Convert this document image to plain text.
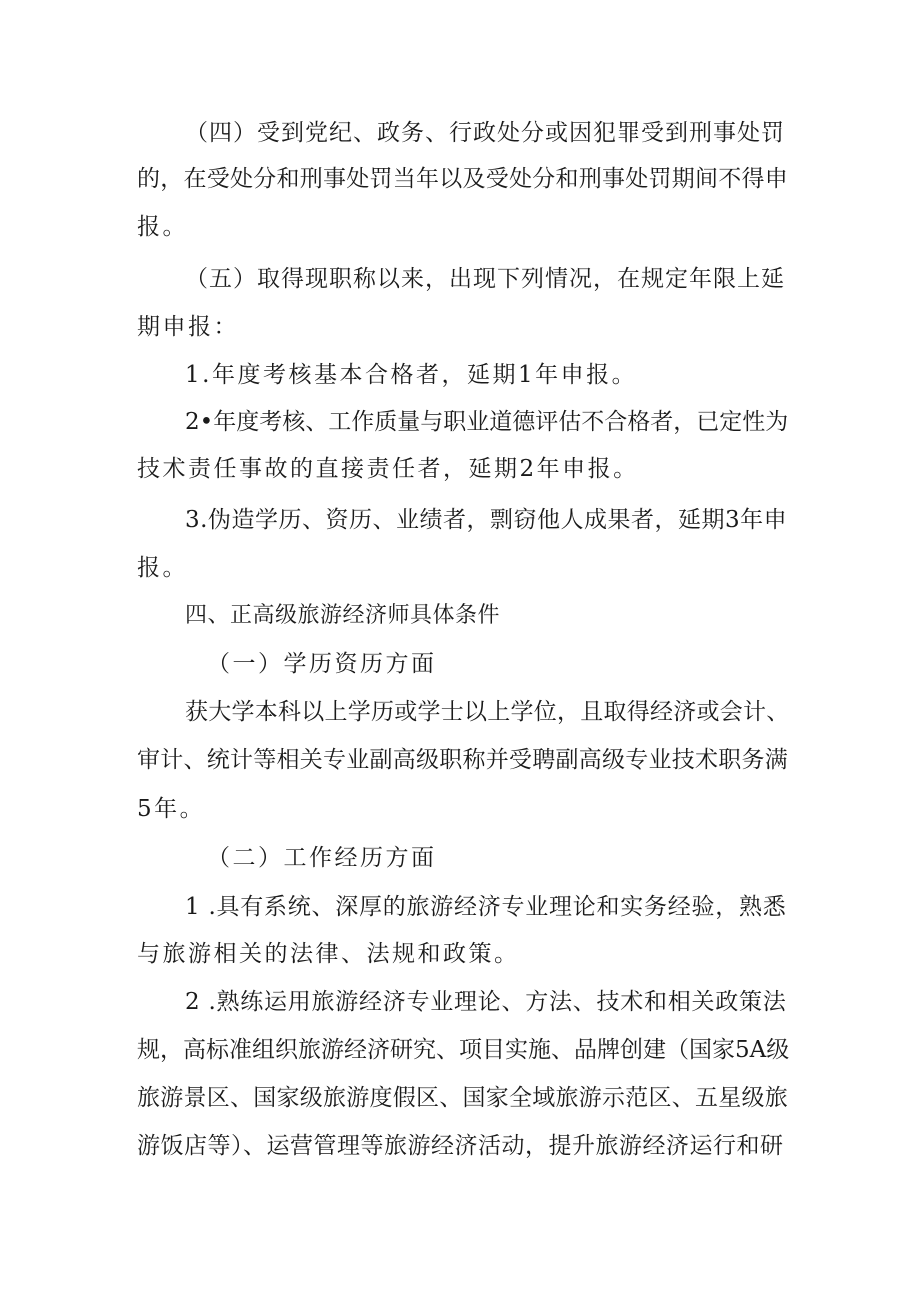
（四）受到党纪、政务、行政处分或因犯罪受到刑事处罚
的，在受处分和刑事处罚当年以及受处分和刑事处罚期间不得申
报。
（五）取得现职称以来，出现下列情况，在规定年限上延
期申报：
1.年度考核基本合格者，延期1年申报。
2•年度考核、工作质量与职业道德评估不合格者，已定性为
技术责任事故的直接责任者，延期2年申报。
3.伪造学历、资历、业绩者，剽窃他人成果者，延期3年申
报。
四、正高级旅游经济师具体条件
（一）学历资历方面
获大学本科以上学历或学士以上学位，且取得经济或会计、
审计、统计等相关专业副高级职称并受聘副高级专业技术职务满
5年。
（二）工作经历方面
1 .具有系统、深厚的旅游经济专业理论和实务经验，熟悉
与旅游相关的法律、法规和政策。
2 .熟练运用旅游经济专业理论、方法、技术和相关政策法
规，高标准组织旅游经济研究、项目实施、品牌创建（国家5A级
旅游景区、国家级旅游度假区、国家全域旅游示范区、五星级旅
游饭店等）、运营管理等旅游经济活动，提升旅游经济运行和研
